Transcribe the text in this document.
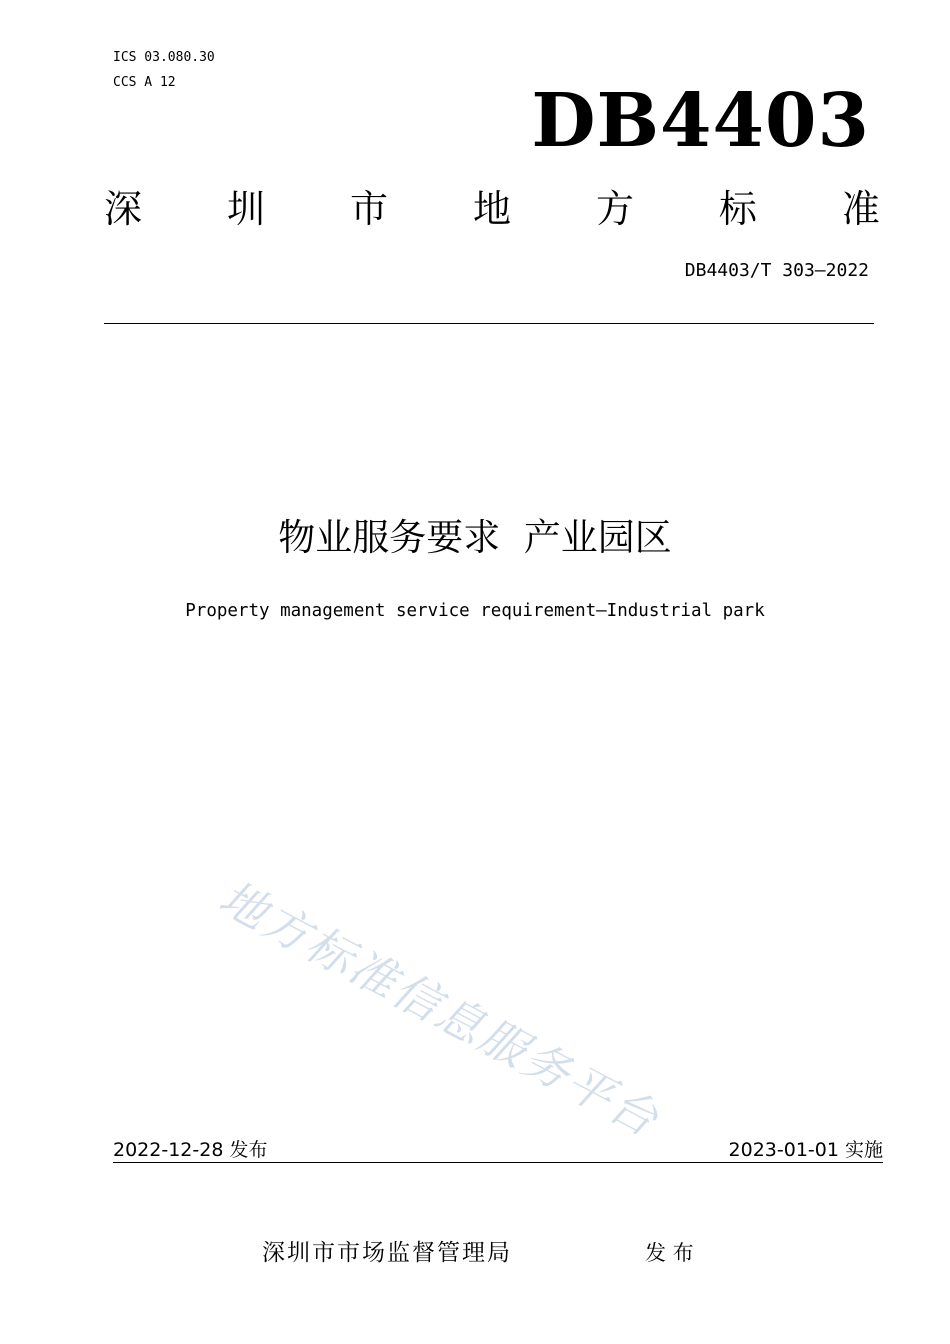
ICS 03.080.30
CCS A 12	DB4403
深 圳 市 地 方 标 准
DB4403/T 303—2022
物业服务要求  产业园区
Property management service requirement—Industrial park
地方标准信息服务平台
2022-12-28 发布	2023-01-01 实施
深圳市市场监督管理局	发 布
